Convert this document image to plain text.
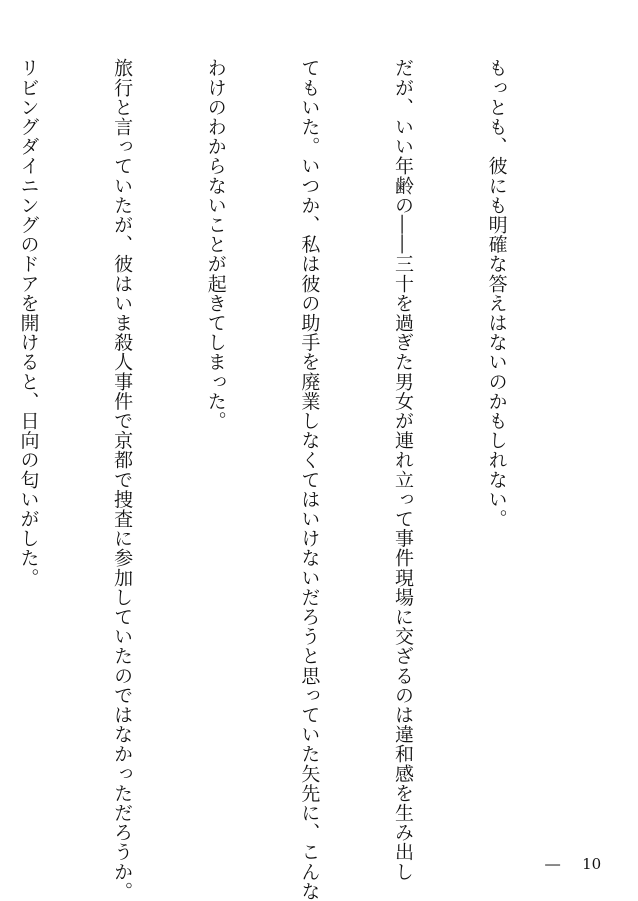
もっとも、彼にも明確な答えはないのかもしれない。

だが、いい年齢の――三十を過ぎた男女が連れ立って事件現場に交ざるのは違和感を生み出し

てもいた。いつか、私は彼の助手を廃業しなくてはいけないだろうと思っていた矢先に、こんな

わけのわからないことが起きてしまった。

旅行と言っていたが、彼はいま殺人事件で京都で捜査に参加していたのではなかっただろうか。

リビングダイニングのドアを開けると、日向の匂いがした。

― 10
